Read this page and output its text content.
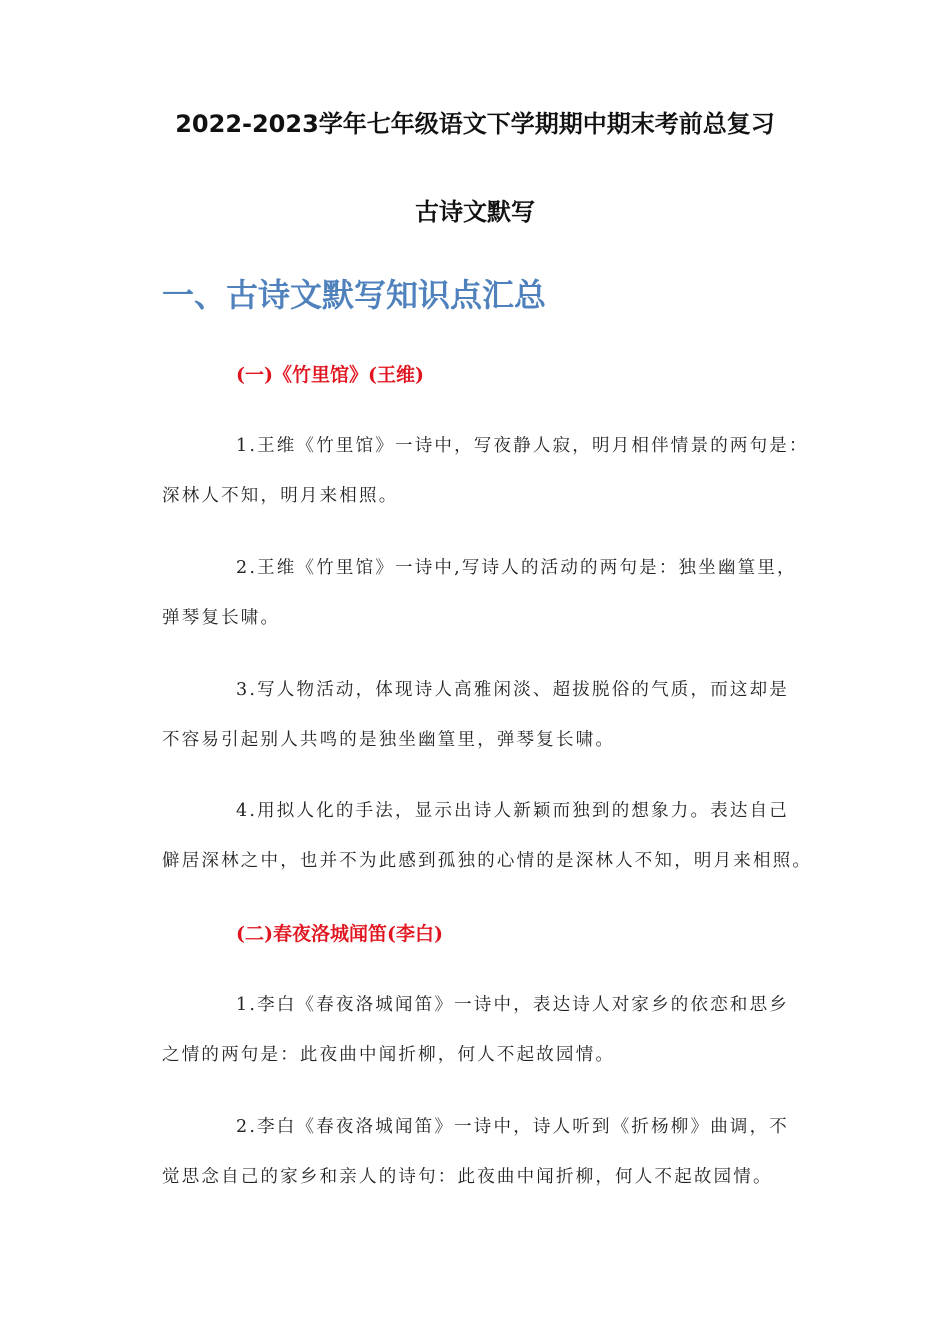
2022-2023学年七年级语文下学期期中期末考前总复习
古诗文默写
一、古诗文默写知识点汇总
(一)《竹里馆》(王维)
1.王维《竹里馆》一诗中，写夜静人寂，明月相伴情景的两句是：
深林人不知，明月来相照。
2.王维《竹里馆》一诗中,写诗人的活动的两句是：独坐幽篁里，
弹琴复长啸。
3.写人物活动，体现诗人高雅闲淡、超拔脱俗的气质，而这却是
不容易引起别人共鸣的是独坐幽篁里，弹琴复长啸。
4.用拟人化的手法，显示出诗人新颖而独到的想象力。表达自己
僻居深林之中，也并不为此感到孤独的心情的是深林人不知，明月来相照。
(二)春夜洛城闻笛(李白)
1.李白《春夜洛城闻笛》一诗中，表达诗人对家乡的依恋和思乡
之情的两句是：此夜曲中闻折柳，何人不起故园情。
2.李白《春夜洛城闻笛》一诗中，诗人听到《折杨柳》曲调，不
觉思念自己的家乡和亲人的诗句：此夜曲中闻折柳，何人不起故园情。
